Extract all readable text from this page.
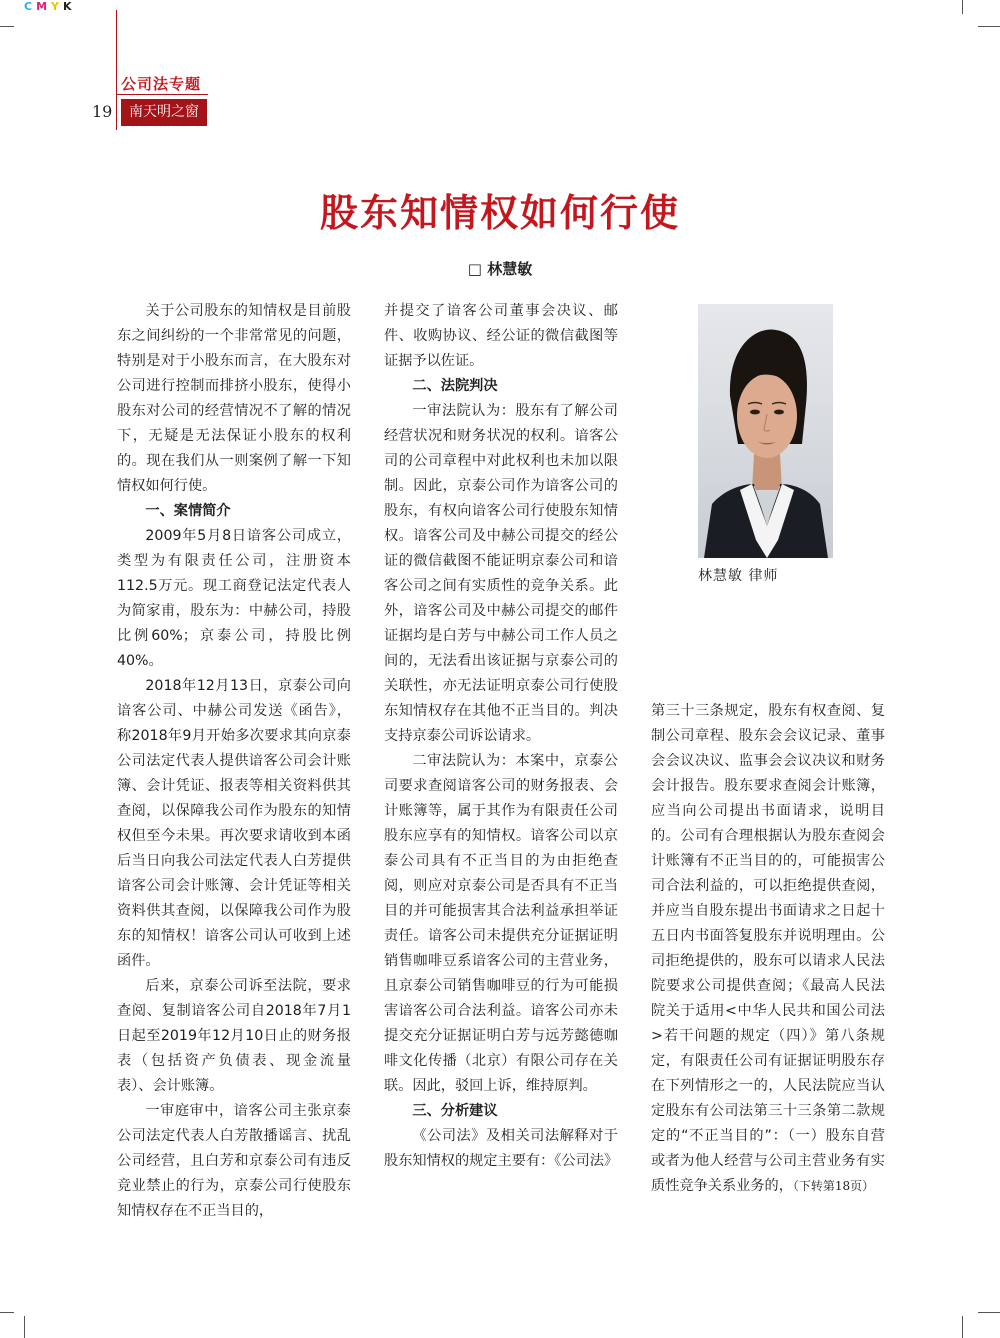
CMYK
公司法专题
19	南天明之窗
股东知情权如何行使
□ 林慧敏

关于公司股东的知情权是目前股东之间纠纷的一个非常常见的问题，特别是对于小股东而言，在大股东对公司进行控制而排挤小股东，使得小股东对公司的经营情况不了解的情况下，无疑是无法保证小股东的权利的。现在我们从一则案例了解一下知情权如何行使。

一、案情简介

2009年5月8日谙客公司成立，类型为有限责任公司，注册资本112.5万元。现工商登记法定代表人为简家甫，股东为：中赫公司，持股比例60%；京泰公司，持股比例40%。

2018年12月13日，京泰公司向谙客公司、中赫公司发送《函告》，称2018年9月开始多次要求其向京泰公司法定代表人提供谙客公司会计账簿、会计凭证、报表等相关资料供其查阅，以保障我公司作为股东的知情权但至今未果。再次要求请收到本函后当日向我公司法定代表人白芳提供谙客公司会计账簿、会计凭证等相关资料供其查阅，以保障我公司作为股东的知情权！谙客公司认可收到上述函件。

后来，京泰公司诉至法院，要求查阅、复制谙客公司自2018年7月1日起至2019年12月10日止的财务报表（包括资产负债表、现金流量表）、会计账簿。

一审庭审中，谙客公司主张京泰公司法定代表人白芳散播谣言、扰乱公司经营，且白芳和京泰公司有违反竞业禁止的行为，京泰公司行使股东知情权存在不正当目的，

并提交了谙客公司董事会决议、邮件、收购协议、经公证的微信截图等证据予以佐证。

二、法院判决

一审法院认为：股东有了解公司经营状况和财务状况的权利。谙客公司的公司章程中对此权利也未加以限制。因此，京泰公司作为谙客公司的股东，有权向谙客公司行使股东知情权。谙客公司及中赫公司提交的经公证的微信截图不能证明京泰公司和谙客公司之间有实质性的竞争关系。此外，谙客公司及中赫公司提交的邮件证据均是白芳与中赫公司工作人员之间的，无法看出该证据与京泰公司的关联性，亦无法证明京泰公司行使股东知情权存在其他不正当目的。判决支持京泰公司诉讼请求。

二审法院认为：本案中，京泰公司要求查阅谙客公司的财务报表、会计账簿等，属于其作为有限责任公司股东应享有的知情权。谙客公司以京泰公司具有不正当目的为由拒绝查阅，则应对京泰公司是否具有不正当目的并可能损害其合法利益承担举证责任。谙客公司未提供充分证据证明销售咖啡豆系谙客公司的主营业务，且京泰公司销售咖啡豆的行为可能损害谙客公司合法利益。谙客公司亦未提交充分证据证明白芳与远芳懿德咖啡文化传播（北京）有限公司存在关联。因此，驳回上诉，维持原判。

三、分析建议

《公司法》及相关司法解释对于股东知情权的规定主要有：《公司法》

林慧敏 律师

第三十三条规定，股东有权查阅、复制公司章程、股东会会议记录、董事会会议决议、监事会会议决议和财务会计报告。股东要求查阅会计账簿，应当向公司提出书面请求，说明目的。公司有合理根据认为股东查阅会计账簿有不正当目的的，可能损害公司合法利益的，可以拒绝提供查阅，并应当自股东提出书面请求之日起十五日内书面答复股东并说明理由。公司拒绝提供的，股东可以请求人民法院要求公司提供查阅；《最高人民法院关于适用<中华人民共和国公司法>若干问题的规定（四）》第八条规定，有限责任公司有证据证明股东存在下列情形之一的，人民法院应当认定股东有公司法第三十三条第二款规定的“不正当目的”：（一）股东自营或者为他人经营与公司主营业务有实质性竞争关系业务的，（下转第18页）
